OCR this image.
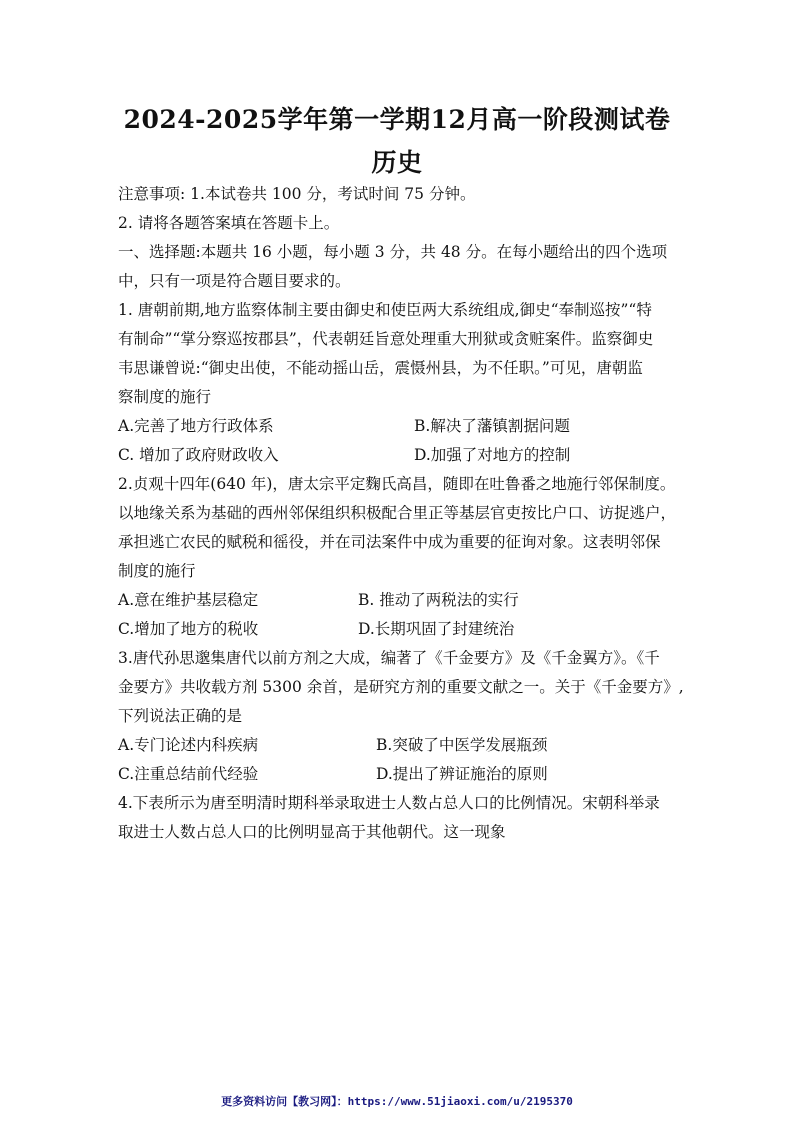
2024-2025学年第一学期12月高一阶段测试卷
历史
注意事项: 1.本试卷共 100 分，考试时间 75 分钟。
2. 请将各题答案填在答题卡上。
一、选择题:本题共 16 小题，每小题 3 分，共 48 分。在每小题给出的四个选项
中，只有一项是符合题目要求的。
1. 唐朝前期,地方监察体制主要由御史和使臣两大系统组成,御史“奉制巡按”“特
有制命”“掌分察巡按郡县”，代表朝廷旨意处理重大刑狱或贪赃案件。监察御史
韦思谦曾说:“御史出使，不能动摇山岳，震慑州县，为不任职。”可见，唐朝监
察制度的施行
A.完善了地方行政体系	B.解决了藩镇割据问题
C. 增加了政府财政收入	D.加强了对地方的控制
2.贞观十四年(640 年)，唐太宗平定麴氏高昌，随即在吐鲁番之地施行邻保制度。
以地缘关系为基础的西州邻保组织积极配合里正等基层官吏按比户口、访捉逃户，
承担逃亡农民的赋税和徭役，并在司法案件中成为重要的征询对象。这表明邻保
制度的施行
A.意在维护基层稳定	B. 推动了两税法的实行
C.增加了地方的税收	D.长期巩固了封建统治
3.唐代孙思邈集唐代以前方剂之大成，编著了《千金要方》及《千金翼方》。《千
金要方》共收载方剂 5300 余首，是研究方剂的重要文献之一。关于《千金要方》,
下列说法正确的是
A.专门论述内科疾病	B.突破了中医学发展瓶颈
C.注重总结前代经验	D.提出了辨证施治的原则
4.下表所示为唐至明清时期科举录取进士人数占总人口的比例情况。宋朝科举录
取进士人数占总人口的比例明显高于其他朝代。这一现象
更多资料访问【教习网】：https://www.51jiaoxi.com/u/2195370
